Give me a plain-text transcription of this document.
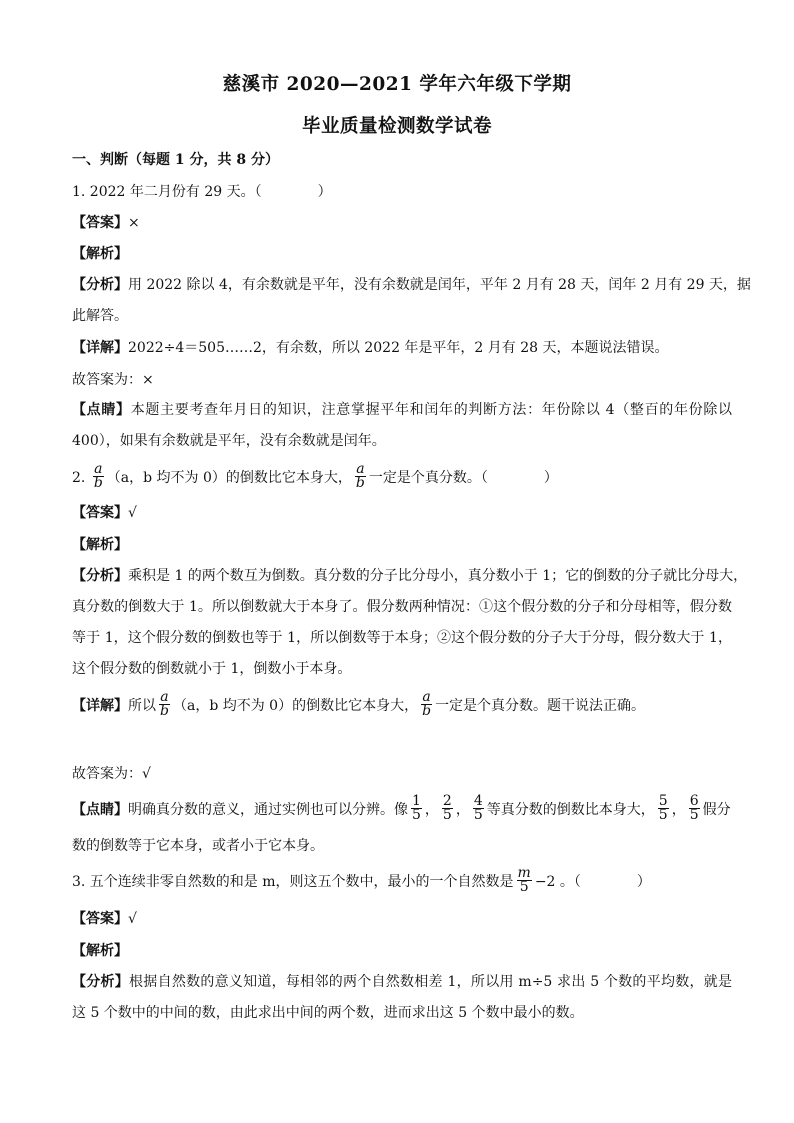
慈溪市 2020—2021 学年六年级下学期
毕业质量检测数学试卷
一、判断（每题 1 分，共 8 分）
1. 2022 年二月份有 29 天。（　　　　）
【答案】×
【解析】
【分析】用 2022 除以 4，有余数就是平年，没有余数就是闰年，平年 2 月有 28 天，闰年 2 月有 29 天，据
此解答。
【详解】2022÷4＝505……2，有余数，所以 2022 年是平年，2 月有 28 天，本题说法错误。
故答案为：×
【点睛】本题主要考查年月日的知识，注意掌握平年和闰年的判断方法：年份除以 4（整百的年份除以
400），如果有余数就是平年，没有余数就是闰年。
2. $\frac{a}{b} (a$，b 均不为 0）的倒数比它本身大， $\frac{a}{b}$ 一定是个真分数。（　　　　）
【答案】√
【解析】
【分析】乘积是 1 的两个数互为倒数。真分数的分子比分母小，真分数小于 1；它的倒数的分子就比分母大，
真分数的倒数大于 1。所以倒数就大于本身了。假分数两种情况：①这个假分数的分子和分母相等，假分数
等于 1，这个假分数的倒数也等于 1，所以倒数等于本身；②这个假分数的分子大于分母，假分数大于 1，
这个假分数的倒数就小于 1，倒数小于本身。
【详解】所以 $\frac{a}{b} (a$，b 均不为 0）的倒数比它本身大， $\frac{a}{b}$ 一定是个真分数。题干说法正确。
故答案为：√
【点睛】明确真分数的意义，通过实例也可以分辨。像 $\frac{1}{5}$ ， $\frac{2}{5}$ ， $\frac{4}{5}$ 等真分数的倒数比本身大， $\frac{5}{5}$ ， $\frac{6}{5}$ 假分
数的倒数等于它本身，或者小于它本身。
3. 五个连续非零自然数的和是 m，则这五个数中，最小的一个自然数是 $\frac{m}{5} -2$ 。（　　　　）
【答案】√
【解析】
【分析】根据自然数的意义知道，每相邻的两个自然数相差 1，所以用 m÷5 求出 5 个数的平均数，就是
这 5 个数中的中间的数，由此求出中间的两个数，进而求出这 5 个数中最小的数。
